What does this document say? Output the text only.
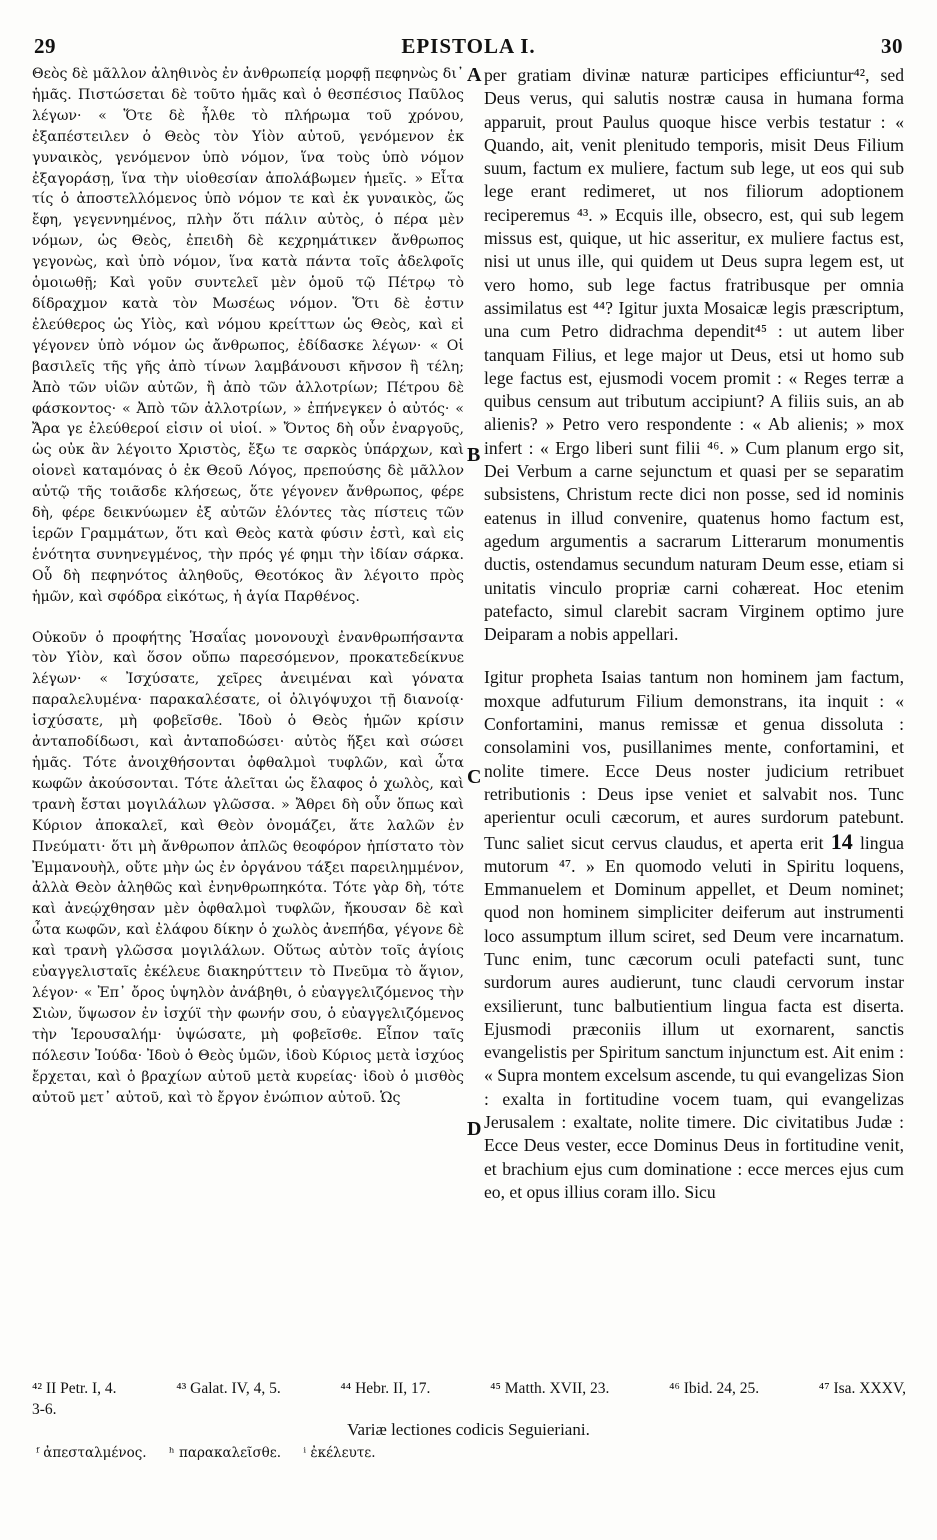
29	EPISTOLA I.	30

Θεὸς δὲ μᾶλλον ἀληθινὸς ἐν ἀνθρωπείᾳ μορφῇ πεφηνὼς δι᾽ ἡμᾶς. Πιστώσεται δὲ τοῦτο ἡμᾶς καὶ ὁ θεσπέσιος Παῦλος λέγων· « Ὅτε δὲ ἦλθε τὸ πλήρωμα τοῦ χρόνου, ἐξαπέστειλεν ὁ Θεὸς τὸν Υἱὸν αὐτοῦ, γενόμενον ἐκ γυναικὸς, γενόμενον ὑπὸ νόμον, ἵνα τοὺς ὑπὸ νόμον ἐξαγοράσῃ, ἵνα τὴν υἱοθεσίαν ἀπολάβωμεν ἡμεῖς. » Εἶτα τίς ὁ ἀποστελλόμενος ὑπὸ νόμον τε καὶ ἐκ γυναικὸς, ὥς ἔφη, γεγεννημένος, πλὴν ὅτι πάλιν αὐτὸς, ὁ πέρα μὲν νόμων, ὡς Θεὸς, ἐπειδὴ δὲ κεχρημάτικεν ἄνθρωπος γεγονὼς, καὶ ὑπὸ νόμον, ἵνα κατὰ πάντα τοῖς ἀδελφοῖς ὁμοιωθῇ; Καὶ γοῦν συντελεῖ μὲν ὁμοῦ τῷ Πέτρῳ τὸ δίδραχμον κατὰ τὸν Μωσέως νόμον. Ὅτι δὲ ἐστιν ἐλεύθερος ὡς Υἱὸς, καὶ νόμου κρείττων ὡς Θεὸς, καὶ εἰ γέγονεν ὑπὸ νόμον ὡς ἄνθρωπος, ἐδίδασκε λέγων· « Οἱ βασιλεῖς τῆς γῆς ἀπὸ τίνων λαμβάνουσι κῆνσον ἢ τέλη; Ἀπὸ τῶν υἱῶν αὐτῶν, ἢ ἀπὸ τῶν ἀλλοτρίων; Πέτρου δὲ φάσκοντος· « Ἀπὸ τῶν ἀλλοτρίων, » ἐπήνεγκεν ὁ αὐτός· « Ἄρα γε ἐλεύθεροί εἰσιν οἱ υἱοί. » Ὄντος δὴ οὖν ἐναργοῦς, ὡς οὐκ ἂν λέγοιτο Χριστὸς, ἔξω τε σαρκὸς ὑπάρχων, καὶ οἱονεὶ καταμόνας ὁ ἐκ Θεοῦ Λόγος, πρεπούσης δὲ μᾶλλον αὐτῷ τῆς τοιᾶσδε κλήσεως, ὅτε γέγονεν ἄνθρωπος, φέρε δὴ, φέρε δεικνύωμεν ἐξ αὐτῶν ἑλόντες τὰς πίστεις τῶν ἱερῶν Γραμμάτων, ὅτι καὶ Θεὸς κατὰ φύσιν ἐστὶ, καὶ εἰς ἑνότητα συνηνεγμένος, τὴν πρός γέ φημι τὴν ἰδίαν σάρκα. Οὗ δὴ πεφηνότος ἀληθοῦς, Θεοτόκος ἂν λέγοιτο πρὸς ἡμῶν, καὶ σφόδρα εἰκότως, ἡ ἁγία Παρθένος.

Οὐκοῦν ὁ προφήτης Ἡσαΐας μονονουχὶ ἐνανθρωπήσαντα τὸν Υἱὸν, καὶ ὅσον οὔπω παρεσόμενον, προκατεδείκνυε λέγων· « Ἰσχύσατε, χεῖρες ἀνειμέναι καὶ γόνατα παραλελυμένα· παρακαλέσατε, οἱ ὀλιγόψυχοι τῇ διανοίᾳ· ἰσχύσατε, μὴ φοβεῖσθε. Ἰδοὺ ὁ Θεὸς ἡμῶν κρίσιν ἀνταποδίδωσι, καὶ ἀνταποδώσει· αὐτὸς ἥξει καὶ σώσει ἡμᾶς. Τότε ἀνοιχθήσονται ὀφθαλμοὶ τυφλῶν, καὶ ὦτα κωφῶν ἀκούσονται. Τότε ἁλεῖται ὡς ἔλαφος ὁ χωλὸς, καὶ τρανὴ ἔσται μογιλάλων γλῶσσα. » Ἄθρει δὴ οὖν ὅπως καὶ Κύριον ἀποκαλεῖ, καὶ Θεὸν ὀνομάζει, ἅτε λαλῶν ἐν Πνεύματι· ὅτι μὴ ἄνθρωπον ἁπλῶς θεοφόρον ἠπίστατο τὸν Ἐμμανουὴλ, οὔτε μὴν ὡς ἐν ὀργάνου τάξει παρειλημμένον, ἀλλὰ Θεὸν ἀληθῶς καὶ ἐνηνθρωπηκότα. Τότε γὰρ δὴ, τότε καὶ ἀνεῴχθησαν μὲν ὀφθαλμοὶ τυφλῶν, ἤκουσαν δὲ καὶ ὦτα κωφῶν, καὶ ἐλάφου δίκην ὁ χωλὸς ἀνεπήδα, γέγονε δὲ καὶ τρανὴ γλῶσσα μογιλάλων. Οὕτως αὐτὸν τοῖς ἁγίοις εὐαγγελισταῖς ἐκέλευε διακηρύττειν τὸ Πνεῦμα τὸ ἅγιον, λέγον· « Ἐπ᾽ ὄρος ὑψηλὸν ἀνάβηθι, ὁ εὐαγγελιζόμενος τὴν Σιὼν, ὕψωσον ἐν ἰσχύϊ τὴν φωνήν σου, ὁ εὐαγγελιζόμενος τὴν Ἱερουσαλήμ· ὑψώσατε, μὴ φοβεῖσθε. Εἶπον ταῖς πόλεσιν Ἰούδα· Ἰδοὺ ὁ Θεὸς ὑμῶν, ἰδοὺ Κύριος μετὰ ἰσχύος ἔρχεται, καὶ ὁ βραχίων αὐτοῦ μετὰ κυρείας· ἰδοὺ ὁ μισθὸς αὐτοῦ μετ᾽ αὐτοῦ, καὶ τὸ ἔργον ἐνώπιον αὐτοῦ. Ὡς

A
B
C
D

per gratiam divinæ naturæ participes efficiuntur⁴², sed Deus verus, qui salutis nostræ causa in humana forma apparuit, prout Paulus quoque hisce verbis testatur : « Quando, ait, venit plenitudo temporis, misit Deus Filium suum, factum ex muliere, factum sub lege, ut eos qui sub lege erant redimeret, ut nos filiorum adoptionem reciperemus ⁴³. » Ecquis ille, obsecro, est, qui sub legem missus est, quique, ut hic asseritur, ex muliere factus est, nisi ut unus ille, qui quidem ut Deus supra legem est, ut vero homo, sub lege factus fratribusque per omnia assimilatus est ⁴⁴? Igitur juxta Mosaicæ legis præscriptum, una cum Petro didrachma dependit⁴⁵ : ut autem liber tanquam Filius, et lege major ut Deus, etsi ut homo sub lege factus est, ejusmodi vocem promit : « Reges terræ a quibus censum aut tributum accipiunt? A filiis suis, an ab alienis? » Petro vero respondente : « Ab alienis; » mox infert : « Ergo liberi sunt filii ⁴⁶. » Cum planum ergo sit, Dei Verbum a carne sejunctum et quasi per se separatim subsistens, Christum recte dici non posse, sed id nominis eatenus in illud convenire, quatenus homo factum est, agedum argumentis a sacrarum Litterarum monumentis ductis, ostendamus secundum naturam Deum esse, etiam si unitatis vinculo propriæ carni cohæreat. Hoc etenim patefacto, simul clarebit sacram Virginem optimo jure Deiparam a nobis appellari.

Igitur propheta Isaias tantum non hominem jam factum, moxque adfuturum Filium demonstrans, ita inquit : « Confortamini, manus remissæ et genua dissoluta : consolamini vos, pusillanimes mente, confortamini, et nolite timere. Ecce Deus noster judicium retribuet retributionis : Deus ipse veniet et salvabit nos. Tunc aperientur oculi cæcorum, et aures surdorum patebunt. Tunc saliet sicut cervus claudus, et aperta erit 14 lingua mutorum ⁴⁷. » En quomodo veluti in Spiritu loquens, Emmanuelem et Dominum appellet, et Deum nominet; quod non hominem simpliciter deiferum aut instrumenti loco assumptum illum sciret, sed Deum vere incarnatum. Tunc enim, tunc cæcorum oculi patefacti sunt, tunc surdorum aures audierunt, tunc claudi cervorum instar exsilierunt, tunc balbutientium lingua facta est diserta. Ejusmodi præconiis illum ut exornarent, sanctis evangelistis per Spiritum sanctum injunctum est. Ait enim : « Supra montem excelsum ascende, tu qui evangelizas Sion : exalta in fortitudine vocem tuam, qui evangelizas Jerusalem : exaltate, nolite timere. Dic civitatibus Judæ : Ecce Deus vester, ecce Dominus Deus in fortitudine venit, et brachium ejus cum dominatione : ecce merces ejus cum eo, et opus illius coram illo. Sicu

⁴² II Petr. I, 4.	⁴³ Galat. IV, 4, 5.	⁴⁴ Hebr. II, 17.	⁴⁵ Matth. XVII, 23.	⁴⁶ Ibid. 24, 25.	⁴⁷ Isa. XXXV,
3-6.
Variæ lectiones codicis Seguieriani.
ᶠ ἀπεσταλμένος. ʰ παρακαλεῖσθε. ⁱ ἐκέλευτε.
